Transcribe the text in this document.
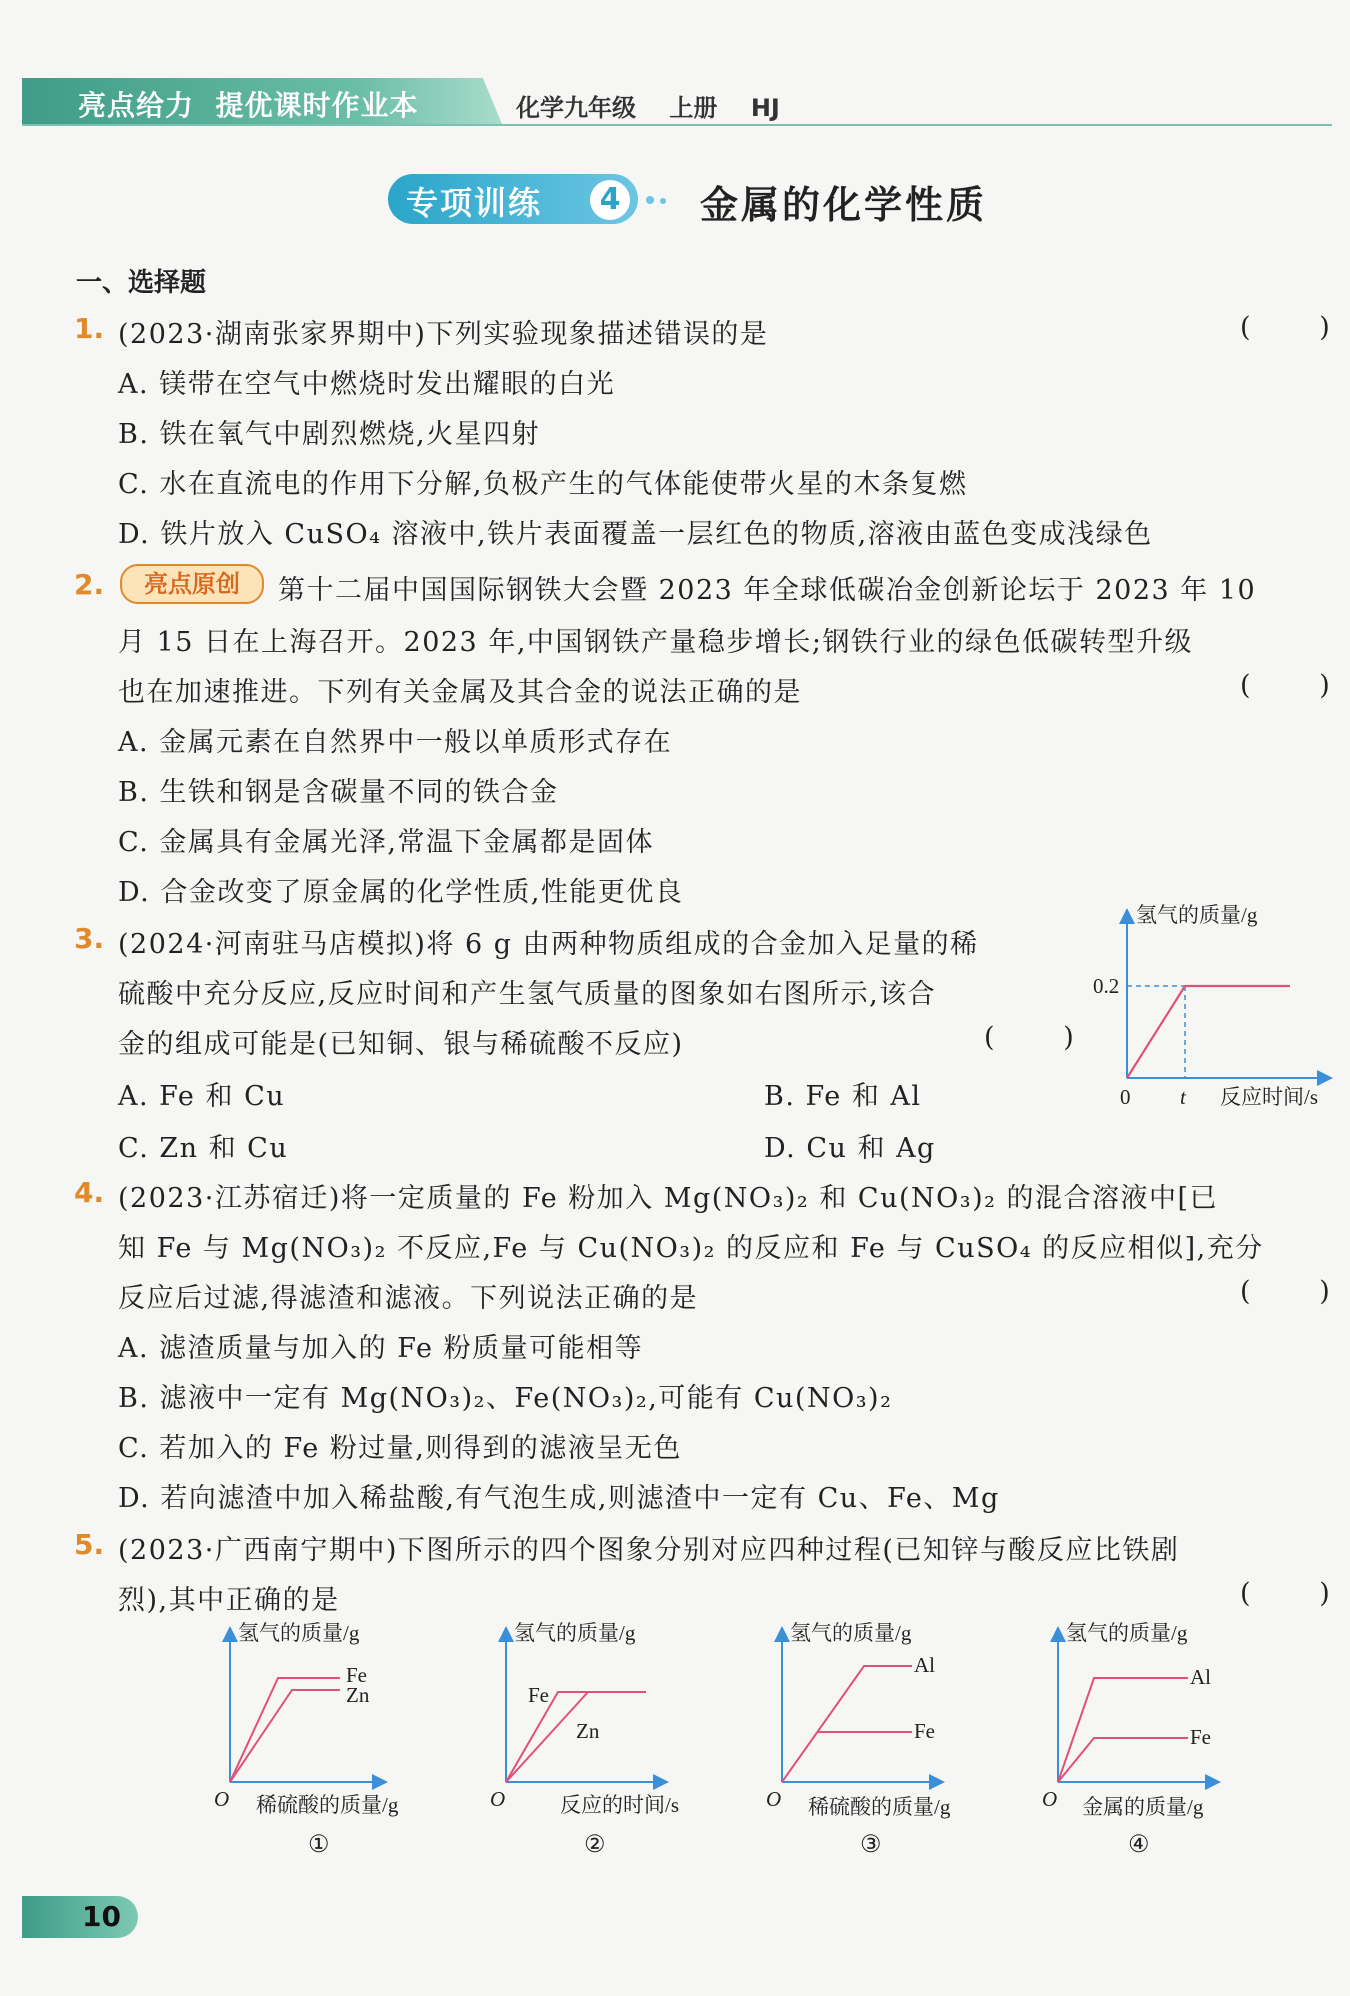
亮点给力  提优课时作业本	化学九年级    上册    HJ
专项训练	4 金属的化学性质
一、选择题
1. (2023·湖南张家界期中)下列实验现象描述错误的是	(        )
A. 镁带在空气中燃烧时发出耀眼的白光
B. 铁在氧气中剧烈燃烧,火星四射
C. 水在直流电的作用下分解,负极产生的气体能使带火星的木条复燃
D. 铁片放入 CuSO₄ 溶液中,铁片表面覆盖一层红色的物质,溶液由蓝色变成浅绿色
2.	亮点原创	第十二届中国国际钢铁大会暨 2023 年全球低碳冶金创新论坛于 2023 年 10
月 15 日在上海召开。2023 年,中国钢铁产量稳步增长;钢铁行业的绿色低碳转型升级
也在加速推进。下列有关金属及其合金的说法正确的是	(        )
A. 金属元素在自然界中一般以单质形式存在
B. 生铁和钢是含碳量不同的铁合金
C. 金属具有金属光泽,常温下金属都是固体
D. 合金改变了原金属的化学性质,性能更优良
3. (2024·河南驻马店模拟)将 6 g 由两种物质组成的合金加入足量的稀
硫酸中充分反应,反应时间和产生氢气质量的图象如右图所示,该合
金的组成可能是(已知铜、银与稀硫酸不反应)	(        )
A. Fe 和 Cu	B. Fe 和 Al
C. Zn 和 Cu	D. Cu 和 Ag
氢气的质量/g
0.2
0 t 反应时间/s
4. (2023·江苏宿迁)将一定质量的 Fe 粉加入 Mg(NO₃)₂ 和 Cu(NO₃)₂ 的混合溶液中[已
知 Fe 与 Mg(NO₃)₂ 不反应,Fe 与 Cu(NO₃)₂ 的反应和 Fe 与 CuSO₄ 的反应相似],充分
反应后过滤,得滤渣和滤液。下列说法正确的是	(        )
A. 滤渣质量与加入的 Fe 粉质量可能相等
B. 滤液中一定有 Mg(NO₃)₂、Fe(NO₃)₂,可能有 Cu(NO₃)₂
C. 若加入的 Fe 粉过量,则得到的滤液呈无色
D. 若向滤渣中加入稀盐酸,有气泡生成,则滤渣中一定有 Cu、Fe、Mg
5. (2023·广西南宁期中)下图所示的四个图象分别对应四种过程(已知锌与酸反应比铁剧
烈),其中正确的是	(        )
氢气的质量/g
Fe
Zn
O 稀硫酸的质量/g
①
氢气的质量/g
Fe
Zn
O	反应的时间/s
②
氢气的质量/g
Al
Fe
O 稀硫酸的质量/g
③
氢气的质量/g
Al
Fe
O 金属的质量/g
④
10
